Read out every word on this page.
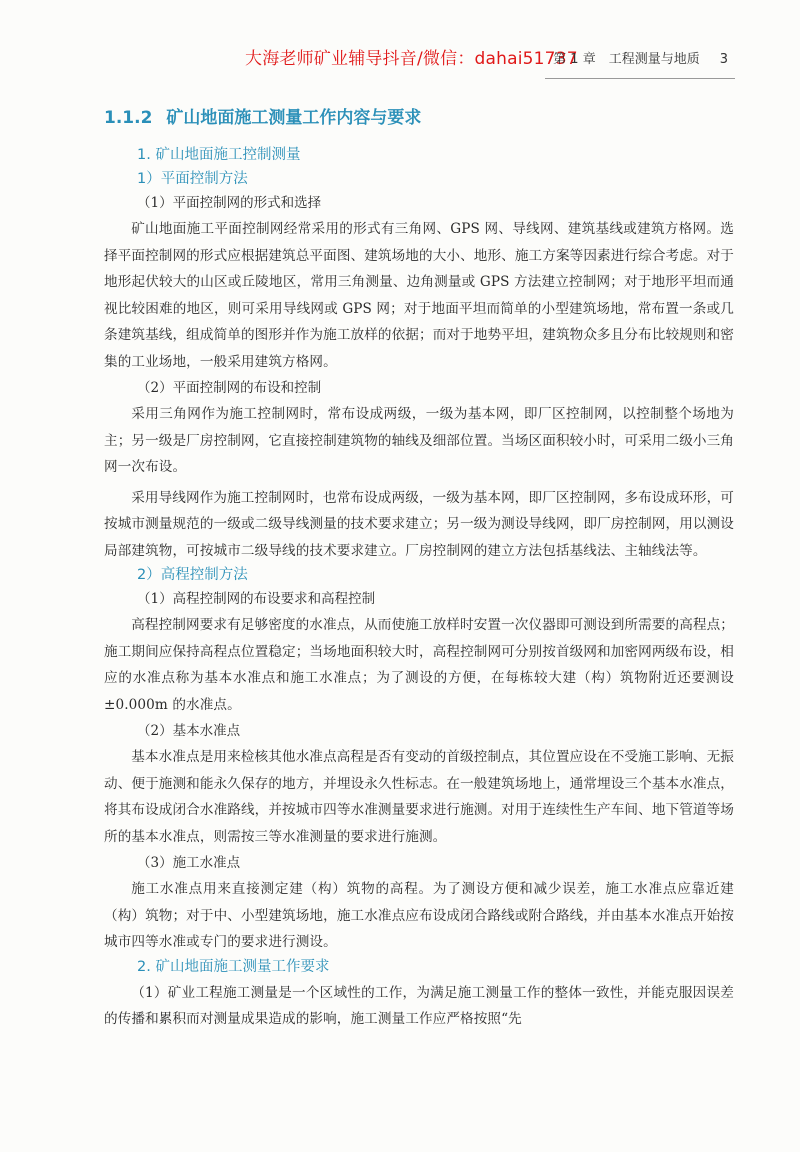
大海老师矿业辅导抖音/微信：dahai51737
第 1 章　工程测量与地质 3
1.1.2 矿山地面施工测量工作内容与要求
1. 矿山地面施工控制测量
1）平面控制方法
（1）平面控制网的形式和选择

矿山地面施工平面控制网经常采用的形式有三角网、GPS 网、导线网、建筑基线或建筑方格网。选择平面控制网的形式应根据建筑总平面图、建筑场地的大小、地形、施工方案等因素进行综合考虑。对于地形起伏较大的山区或丘陵地区，常用三角测量、边角测量或 GPS 方法建立控制网；对于地形平坦而通视比较困难的地区，则可采用导线网或 GPS 网；对于地面平坦而简单的小型建筑场地，常布置一条或几条建筑基线，组成简单的图形并作为施工放样的依据；而对于地势平坦，建筑物众多且分布比较规则和密集的工业场地，一般采用建筑方格网。

（2）平面控制网的布设和控制

采用三角网作为施工控制网时，常布设成两级，一级为基本网，即厂区控制网，以控制整个场地为主；另一级是厂房控制网，它直接控制建筑物的轴线及细部位置。当场区面积较小时，可采用二级小三角网一次布设。

采用导线网作为施工控制网时，也常布设成两级，一级为基本网，即厂区控制网，多布设成环形，可按城市测量规范的一级或二级导线测量的技术要求建立；另一级为测设导线网，即厂房控制网，用以测设局部建筑物，可按城市二级导线的技术要求建立。厂房控制网的建立方法包括基线法、主轴线法等。

2）高程控制方法
（1）高程控制网的布设要求和高程控制

高程控制网要求有足够密度的水准点，从而使施工放样时安置一次仪器即可测设到所需要的高程点；施工期间应保持高程点位置稳定；当场地面积较大时，高程控制网可分别按首级网和加密网两级布设，相应的水准点称为基本水准点和施工水准点；为了测设的方便，在每栋较大建（构）筑物附近还要测设 ±0.000m 的水准点。

（2）基本水准点

基本水准点是用来检核其他水准点高程是否有变动的首级控制点，其位置应设在不受施工影响、无振动、便于施测和能永久保存的地方，并埋设永久性标志。在一般建筑场地上，通常埋设三个基本水准点，将其布设成闭合水准路线，并按城市四等水准测量要求进行施测。对用于连续性生产车间、地下管道等场所的基本水准点，则需按三等水准测量的要求进行施测。

（3）施工水准点

施工水准点用来直接测定建（构）筑物的高程。为了测设方便和减少误差，施工水准点应靠近建（构）筑物；对于中、小型建筑场地，施工水准点应布设成闭合路线或附合路线，并由基本水准点开始按城市四等水准或专门的要求进行测设。

2. 矿山地面施工测量工作要求

（1）矿业工程施工测量是一个区域性的工作，为满足施工测量工作的整体一致性，并能克服因误差的传播和累积而对测量成果造成的影响，施工测量工作应严格按照“先
